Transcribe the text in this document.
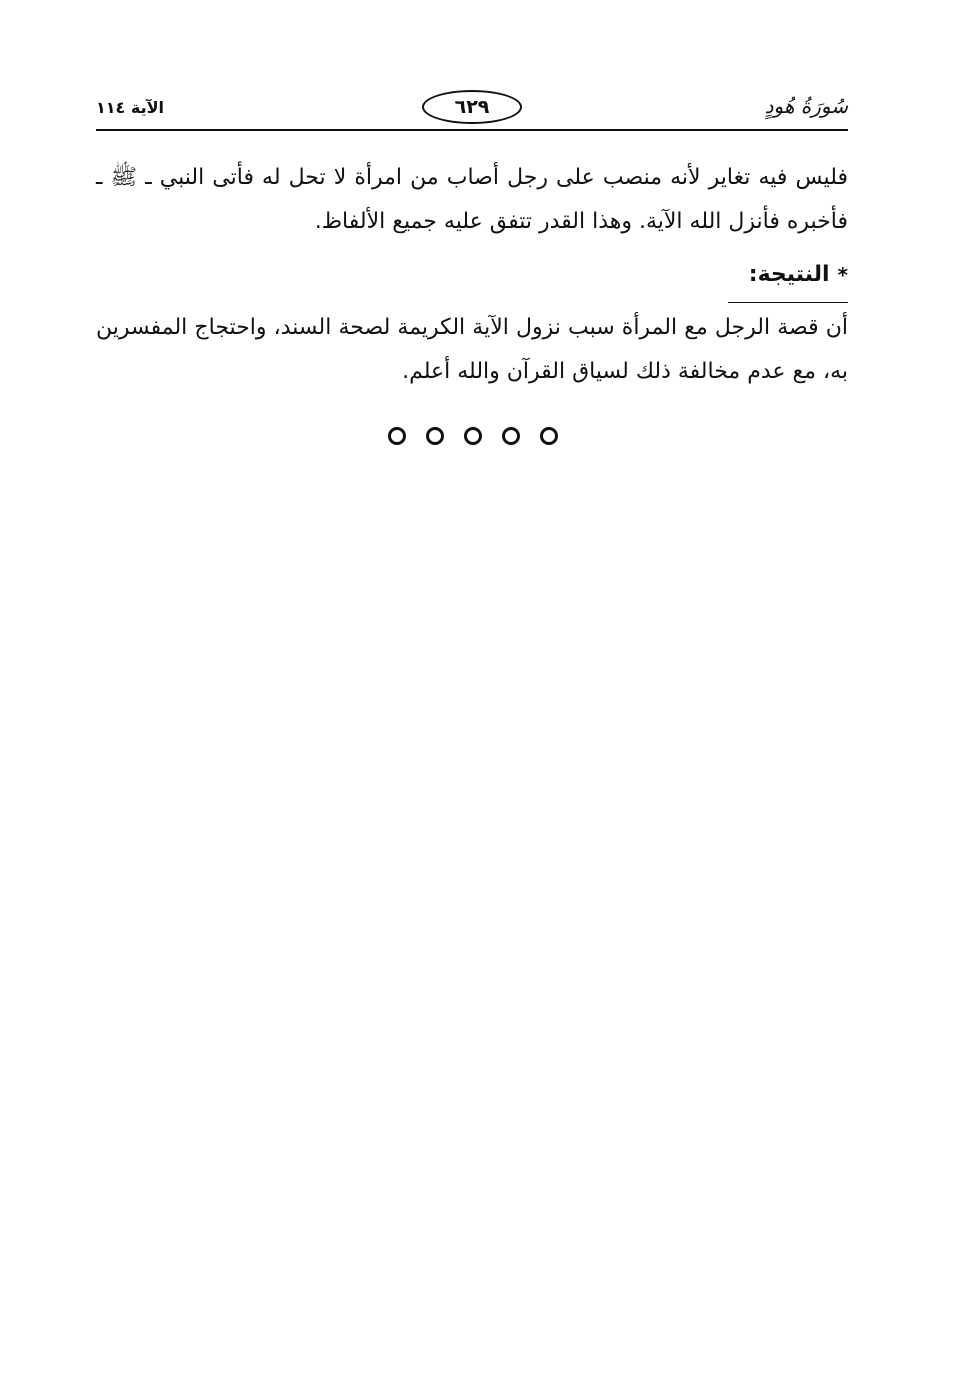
سُورَةُ هُودٍ
٦٢٩
الآية ١١٤
فليس فيه تغاير لأنه منصب على رجل أصاب من امرأة لا تحل له فأتى النبي ـ ﷺ ـ فأخبره فأنزل الله الآية. وهذا القدر تتفق عليه جميع الألفاظ.
*
النتيجة:
أن قصة الرجل مع المرأة سبب نزول الآية الكريمة لصحة السند، واحتجاج المفسرين به، مع عدم مخالفة ذلك لسياق القرآن والله أعلم.
